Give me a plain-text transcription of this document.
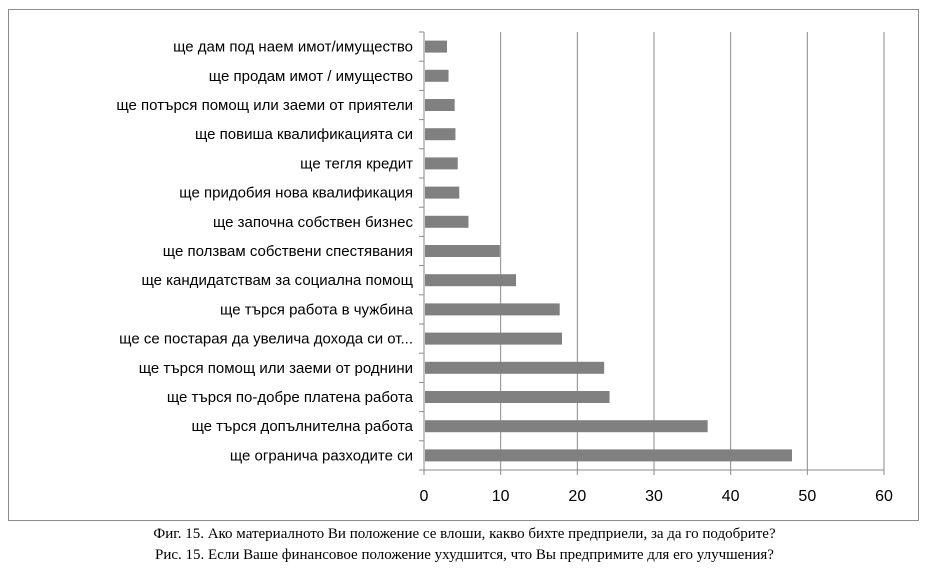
0	10	20	30	40	50	60
ще дам под наем имот/имущество
ще продам имот / имущество
ще потърся помощ или заеми от приятели
ще повиша квалификацията си
ще тегля кредит
ще придобия нова квалификация
ще започна собствен бизнес
ще ползвам собствени спестявания
ще кандидатствам за социална помощ
ще търся работа в чужбина
ще се постарая да увелича дохода си от...
ще търся помощ или заеми от роднини
ще търся по-добре платена работа
ще търся допълнителна работа
ще огранича разходите си
Фиг. 15. Ако материалното Ви положение се влоши, какво бихте предприели, за да го подобрите?
Рис. 15. Если Ваше финансовое положение ухудшится, что Вы предпримите для его улучшения?
